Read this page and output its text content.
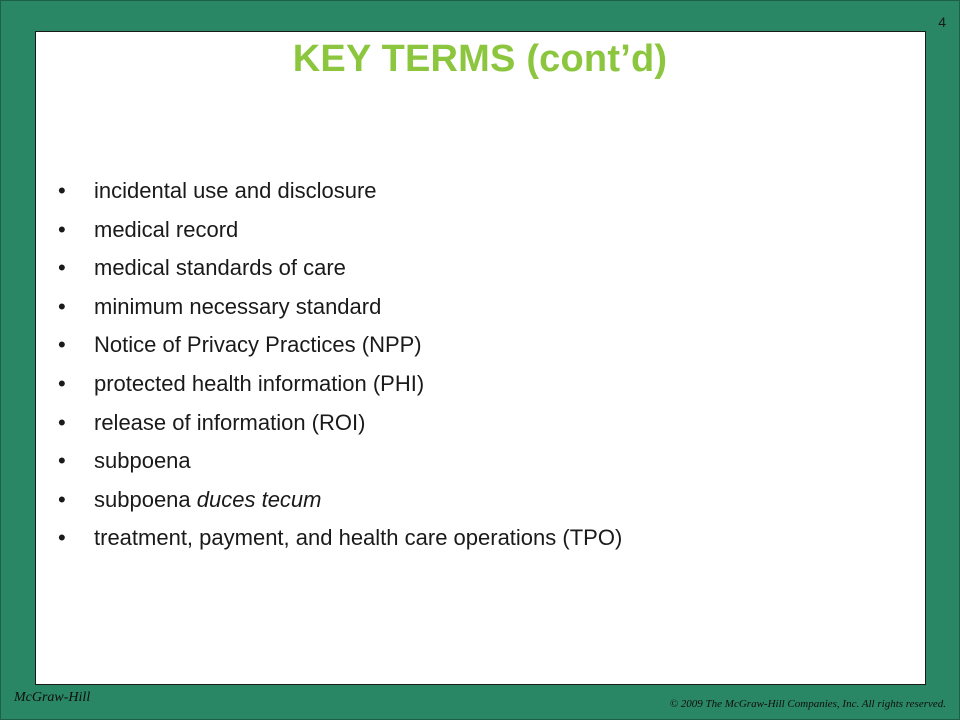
4
KEY TERMS (cont’d)
• incidental use and disclosure
• medical record
• medical standards of care
• minimum necessary standard
• Notice of Privacy Practices (NPP)
• protected health information (PHI)
• release of information (ROI)
• subpoena
• subpoena duces tecum
• treatment, payment, and health care operations (TPO)
McGraw-Hill	© 2009 The McGraw-Hill Companies, Inc. All rights reserved.
